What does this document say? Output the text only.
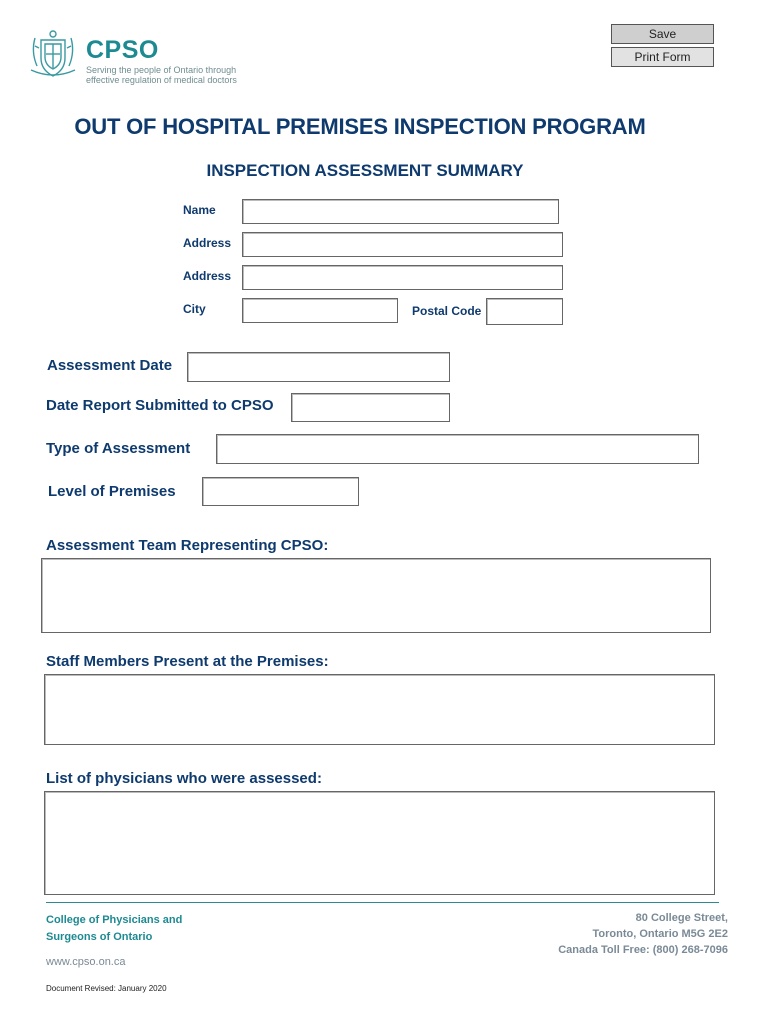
Save
Print Form
CPSO
Serving the people of Ontario through
effective regulation of medical doctors
OUT OF HOSPITAL PREMISES INSPECTION PROGRAM
INSPECTION ASSESSMENT SUMMARY
Name
Address
Address
City	Postal Code
Assessment Date
Date Report Submitted to CPSO
Type of Assessment
Level of Premises
Assessment Team Representing CPSO:
Staff Members Present at the Premises:
List of physicians who were assessed:
College of Physicians and
Surgeons of Ontario
www.cpso.on.ca
Document Revised: January 2020
80 College Street,
Toronto, Ontario M5G 2E2
Canada Toll Free: (800) 268-7096
